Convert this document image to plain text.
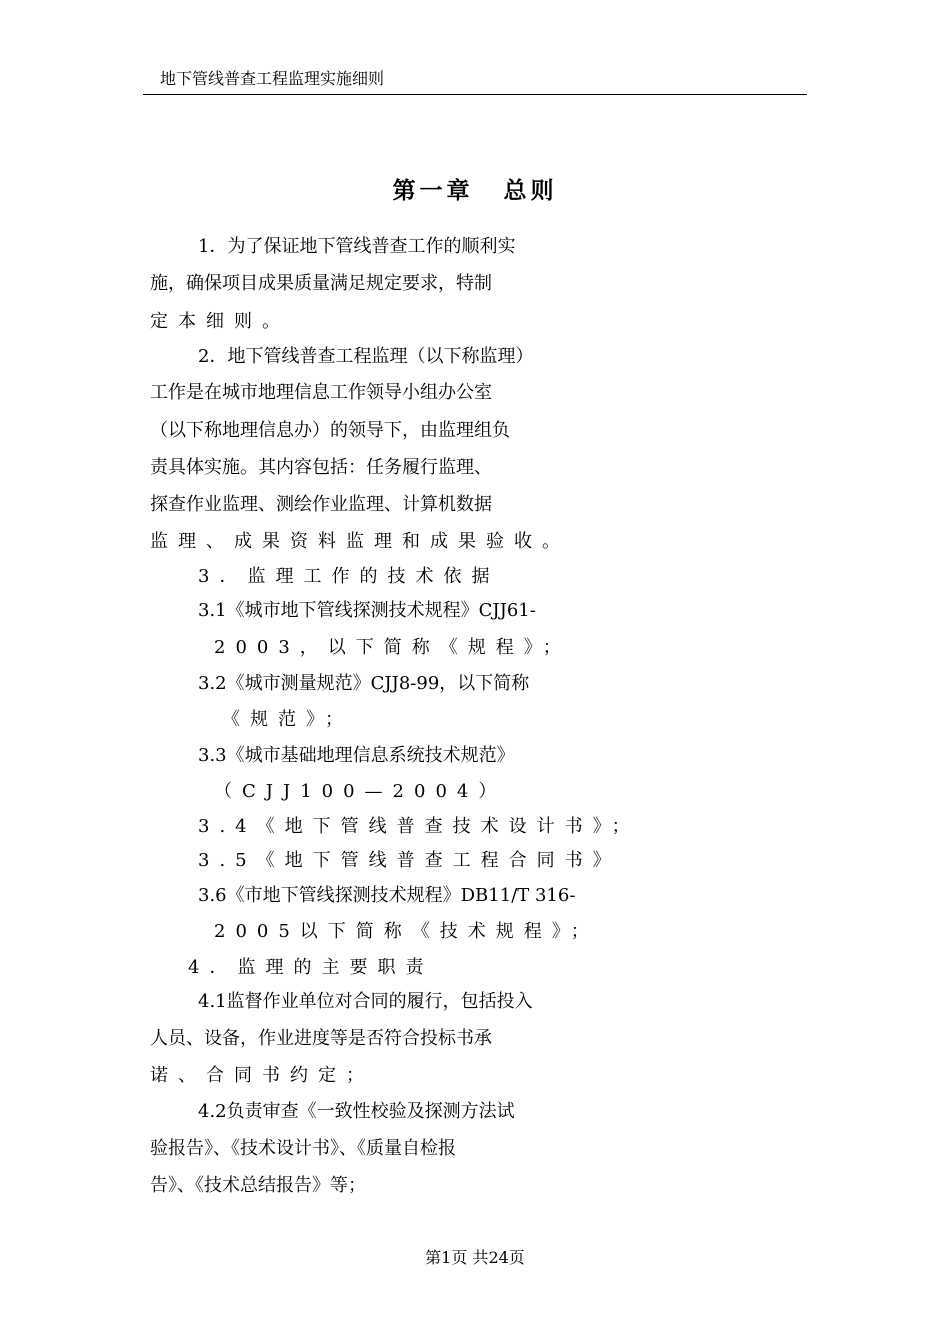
地下管线普查工程监理实施细则
第一章 总则
1．为了保证地下管线普查工作的顺利实
施，确保项目成果质量满足规定要求，特制
定本细则。
2．地下管线普查工程监理（以下称监理）
工作是在城市地理信息工作领导小组办公室
（以下称地理信息办）的领导下，由监理组负
责具体实施。其内容包括：任务履行监理、
探查作业监理、测绘作业监理、计算机数据
监理、成果资料监理和成果验收。
3．监理工作的技术依据
3.1《城市地下管线探测技术规程》CJJ61-
2003，以下简称《规程》；
3.2《城市测量规范》CJJ8-99，以下简称
《规范》；
3.3《城市基础地理信息系统技术规范》
（CJJ100—2004）
3.4《地下管线普查技术设计书》；
3.5《地下管线普查工程合同书》
3.6《市地下管线探测技术规程》DB11/T 316-
2005以下简称《技术规程》；
4．监理的主要职责
4.1监督作业单位对合同的履行，包括投入
人员、设备，作业进度等是否符合投标书承
诺、合同书约定；
4.2负责审查《一致性校验及探测方法试
验报告》、《技术设计书》、《质量自检报
告》、《技术总结报告》等；
第1页 共24页
